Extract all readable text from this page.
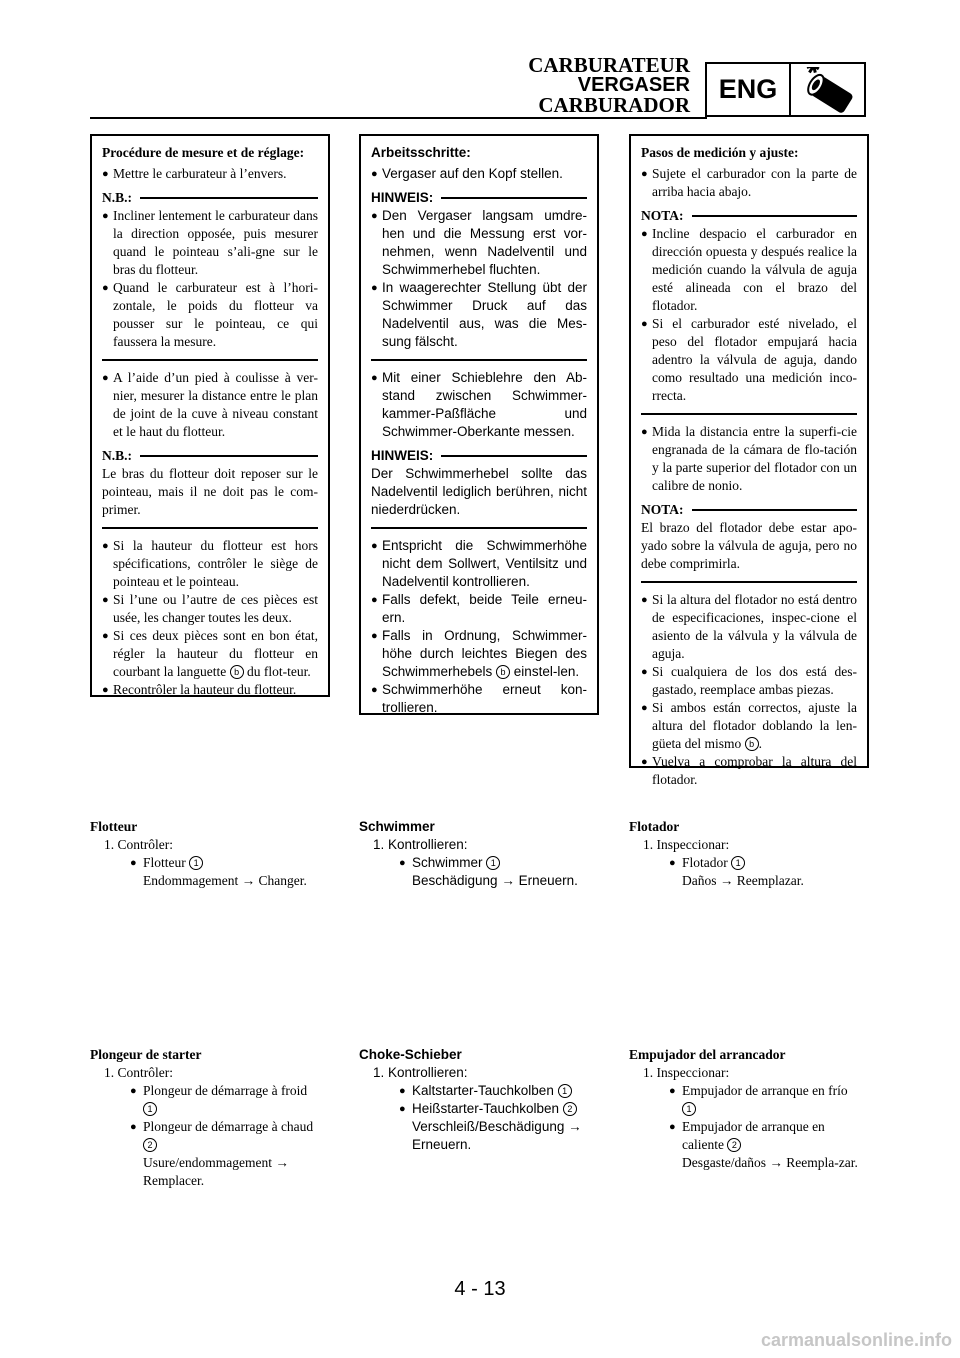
CARBURATEUR
VERGASER
CARBURADOR
ENG
Procédure de mesure et de réglage:
● Mettre le carburateur à l’envers.
N.B.:
● Incliner lentement le carburateur dans la direction opposée, puis mesurer quand le pointeau s’ali-gne sur le bras du flotteur.
● Quand le carburateur est à l’hori-zontale, le poids du flotteur va pousser sur le pointeau, ce qui faussera la mesure.
● A l’aide d’un pied à coulisse à ver-nier, mesurer la distance entre le plan de joint de la cuve à niveau constant et le haut du flotteur.
N.B.:
Le bras du flotteur doit reposer sur le pointeau, mais il ne doit pas le com-primer.
● Si la hauteur du flotteur est hors spécifications, contrôler le siège de pointeau et le pointeau.
● Si l’une ou l’autre de ces pièces est usée, les changer toutes les deux.
● Si ces deux pièces sont en bon état, régler la hauteur du flotteur en courbant la languette b du flot-teur.
● Recontrôler la hauteur du flotteur.
Arbeitsschritte:
● Vergaser auf den Kopf stellen.
HINWEIS:
● Den Vergaser langsam umdre-hen und die Messung erst vor-nehmen, wenn Nadelventil und Schwimmerhebel fluchten.
● In waagerechter Stellung übt der Schwimmer Druck auf das Nadelventil aus, was die Mes-sung fälscht.
● Mit einer Schieblehre den Ab-stand zwischen Schwimmer-kammer-Paßfläche und Schwimmer-Oberkante messen.
HINWEIS:
Der Schwimmerhebel sollte das Nadelventil lediglich berühren, nicht niederdrücken.
● Entspricht die Schwimmerhöhe nicht dem Sollwert, Ventilsitz und Nadelventil kontrollieren.
● Falls defekt, beide Teile erneu-ern.
● Falls in Ordnung, Schwimmer-höhe durch leichtes Biegen des Schwimmerhebels b einstel-len.
● Schwimmerhöhe erneut kon-trollieren.
Pasos de medición y ajuste:
● Sujete el carburador con la parte de arriba hacia abajo.
NOTA:
● Incline despacio el carburador en dirección opuesta y después realice la medición cuando la válvula de aguja esté alineada con el brazo del flotador.
● Si el carburador esté nivelado, el peso del flotador empujará hacia adentro la válvula de aguja, dando como resultado una medición inco-rrecta.
● Mida la distancia entre la superfi-cie engranada de la cámara de flo-tación y la parte superior del flotador con un calibre de nonio.
NOTA:
El brazo del flotador debe estar apo-yado sobre la válvula de aguja, pero no debe comprimirla.
● Si la altura del flotador no está dentro de especificaciones, inspec-cione el asiento de la válvula y la válvula de aguja.
● Si cualquiera de los dos está des-gastado, reemplace ambas piezas.
● Si ambos están correctos, ajuste la altura del flotador doblando la len-güeta del mismo b .
● Vuelva a comprobar la altura del flotador.
Flotteur
1. Contrôler:
● Flotteur 1
Endommagement → Changer.
Schwimmer
1. Kontrollieren:
● Schwimmer 1
Beschädigung → Erneuern.
Flotador
1. Inspeccionar:
● Flotador 1
Daños → Reemplazar.
Plongeur de starter
1. Contrôler:
● Plongeur de démarrage à froid
1
● Plongeur de démarrage à chaud
2
Usure/endommagement → Remplacer.
Choke-Schieber
1. Kontrollieren:
● Kaltstarter-Tauchkolben 1
● Heißstarter-Tauchkolben 2
Verschleiß/Beschädigung → Erneuern.
Empujador del arrancador
1. Inspeccionar:
● Empujador de arranque en frío
1
● Empujador de arranque en caliente 2
Desgaste/daños → Reempla-zar.
4 - 13
carmanualsonline.info
